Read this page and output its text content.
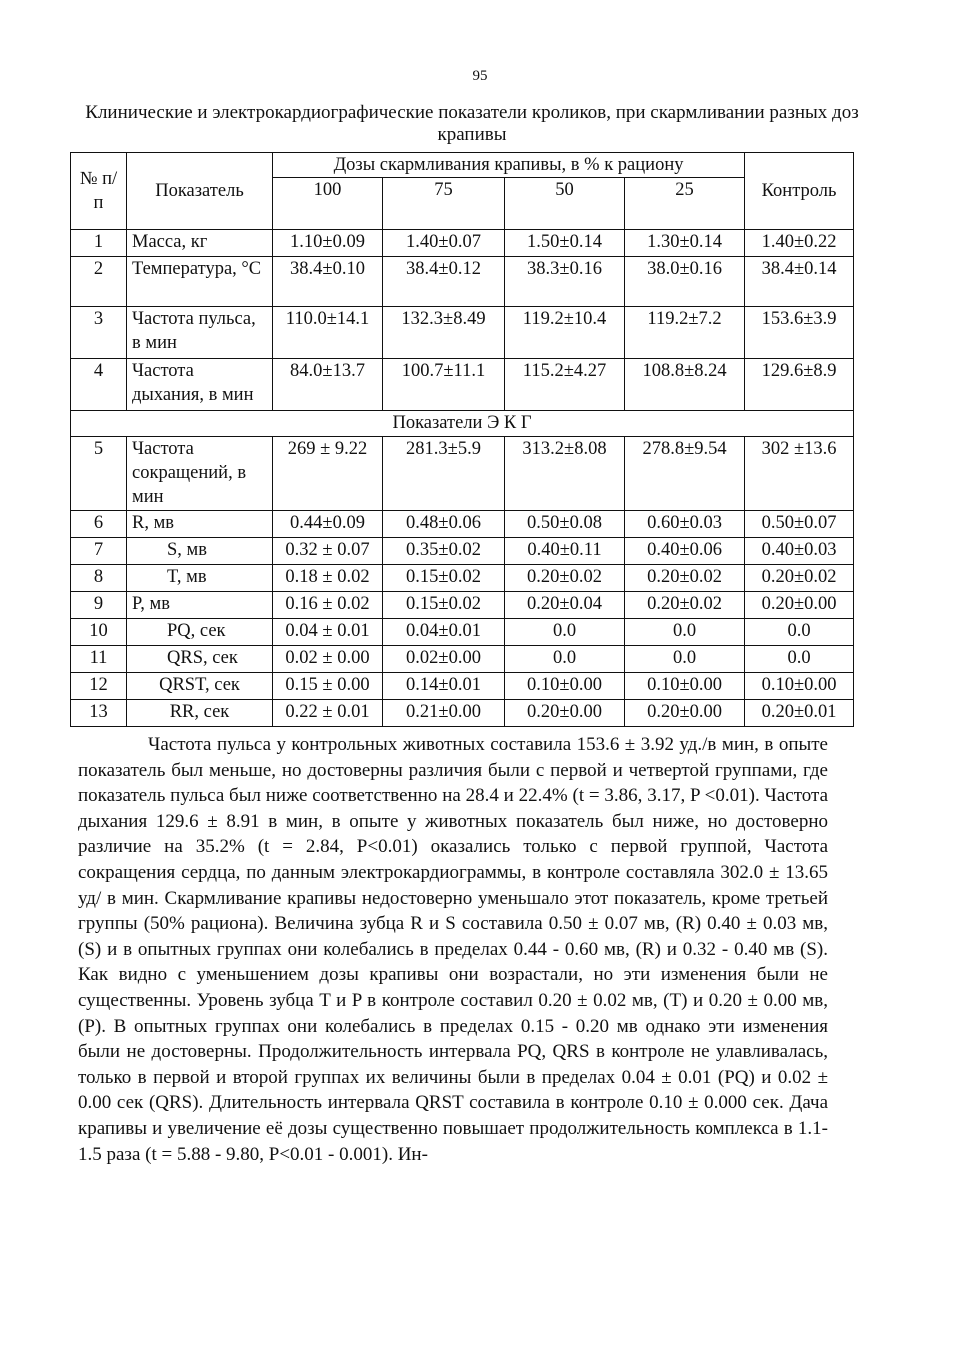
95
Клинические и электрокардиографические показатели кроликов, при скармливании разных доз крапивы
№ п/п	Показатель	Дозы скармливания крапивы, в % к рациону				Контроль
		100	75	50	25	
1	Масса, кг	1.10±0.09	1.40±0.07	1.50±0.14	1.30±0.14	1.40±0.22
2	Температура, °С	38.4±0.10	38.4±0.12	38.3±0.16	38.0±0.16	38.4±0.14
3	Частота пульса, в мин	110.0±14.1	132.3±8.49	119.2±10.4	119.2±7.2	153.6±3.9
4	Частота дыхания, в мин	84.0±13.7	100.7±11.1	115.2±4.27	108.8±8.24	129.6±8.9
Показатели Э К Г						
5	Частота сокращений, в мин	269 ± 9.22	281.3±5.9	313.2±8.08	278.8±9.54	302 ±13.6
6	R, мв	0.44±0.09	0.48±0.06	0.50±0.08	0.60±0.03	0.50±0.07
7	S, мв	0.32 ± 0.07	0.35±0.02	0.40±0.11	0.40±0.06	0.40±0.03
8	T, мв	0.18 ± 0.02	0.15±0.02	0.20±0.02	0.20±0.02	0.20±0.02
9	P, мв	0.16 ± 0.02	0.15±0.02	0.20±0.04	0.20±0.02	0.20±0.00
10	PQ, сек	0.04 ± 0.01	0.04±0.01	0.0	0.0	0.0
11	QRS, сек	0.02 ± 0.00	0.02±0.00	0.0	0.0	0.0
12	QRST, сек	0.15 ± 0.00	0.14±0.01	0.10±0.00	0.10±0.00	0.10±0.00
13	RR, сек	0.22 ± 0.01	0.21±0.00	0.20±0.00	0.20±0.00	0.20±0.01

Частота пульса у контрольных животных составила 153.6 ± 3.92 уд./в мин, в опыте показатель был меньше, но достоверны различия были с первой и четвертой группами, где показатель пульса был ниже соответственно на 28.4 и 22.4% (t = 3.86, 3.17, P <0.01). Частота дыхания 129.6 ± 8.91 в мин, в опыте у животных показатель был ниже, но достоверно различие на 35.2% (t = 2.84, P<0.01) оказались только с первой группой, Частота сокращения сердца, по данным электрокардиограммы, в контроле составляла 302.0 ± 13.65 уд/ в мин. Скармливание крапивы недостоверно уменьшало этот показатель, кроме третьей группы (50% рациона). Величина зубца R и S составила 0.50 ± 0.07 мв, (R) 0.40 ± 0.03 мв, (S) и в опытных группах они колебались в пределах 0.44 - 0.60 мв, (R) и 0.32 - 0.40 мв (S). Как видно с уменьшением дозы крапивы они возрастали, но эти изменения были не существенны. Уровень зубца T и P в контроле составил 0.20 ± 0.02 мв, (T) и 0.20 ± 0.00 мв, (P). В опытных группах они колебались в пределах 0.15 - 0.20 мв однако эти изменения были не достоверны. Продолжительность интервала PQ, QRS в контроле не улавливалась, только в первой и второй группах их величины были в пределах 0.04 ± 0.01 (PQ) и 0.02 ± 0.00 сек (QRS). Длительность интервала QRST составила в контроле 0.10 ± 0.000 сек. Дача крапивы и увеличение её дозы существенно повышает продолжительность комплекса в 1.1-1.5 раза (t = 5.88 - 9.80, P<0.01 - 0.001). Ин-
